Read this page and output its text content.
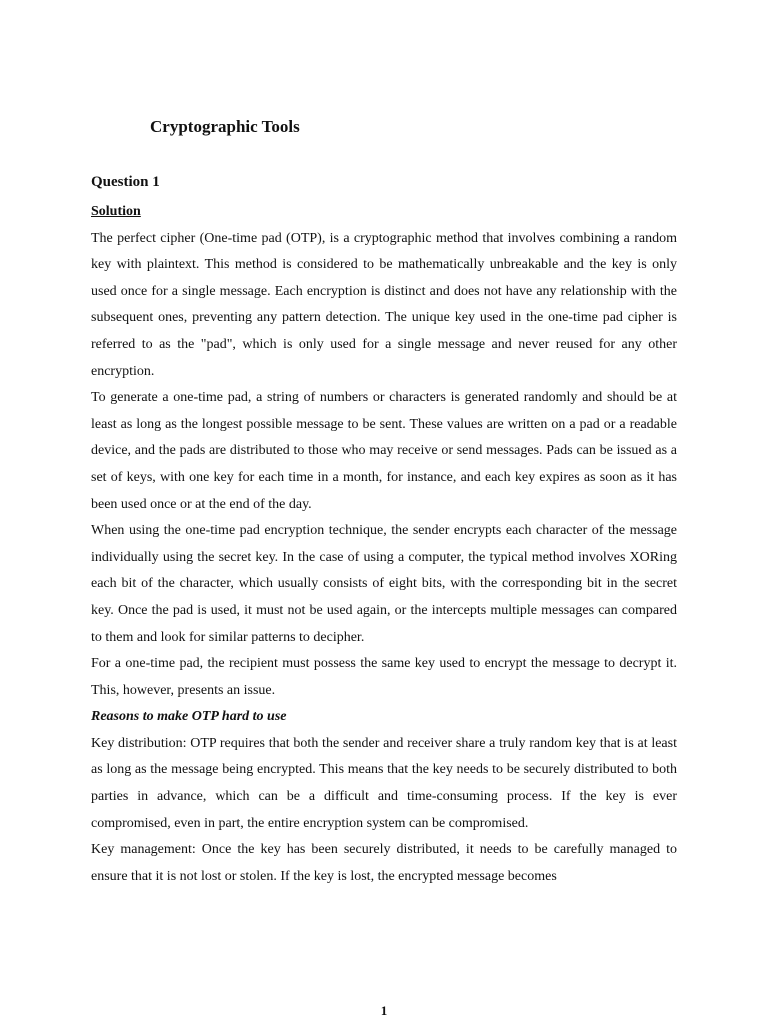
Cryptographic Tools
Question 1

Solution

The perfect cipher (One-time pad (OTP), is a cryptographic method that involves combining a random key with plaintext. This method is considered to be mathematically unbreakable and the key is only used once for a single message. Each encryption is distinct and does not have any relationship with the subsequent ones, preventing any pattern detection. The unique key used in the one-time pad cipher is referred to as the "pad", which is only used for a single message and never reused for any other encryption.

To generate a one-time pad, a string of numbers or characters is generated randomly and should be at least as long as the longest possible message to be sent. These values are written on a pad or a readable device, and the pads are distributed to those who may receive or send messages. Pads can be issued as a set of keys, with one key for each time in a month, for instance, and each key expires as soon as it has been used once or at the end of the day.

When using the one-time pad encryption technique, the sender encrypts each character of the message individually using the secret key. In the case of using a computer, the typical method involves XORing each bit of the character, which usually consists of eight bits, with the corresponding bit in the secret key. Once the pad is used, it must not be used again, or the intercepts multiple messages can compared to them and look for similar patterns to decipher.

For a one-time pad, the recipient must possess the same key used to encrypt the message to decrypt it. This, however, presents an issue.

Reasons to make OTP hard to use

Key distribution: OTP requires that both the sender and receiver share a truly random key that is at least as long as the message being encrypted. This means that the key needs to be securely distributed to both parties in advance, which can be a difficult and time-consuming process. If the key is ever compromised, even in part, the entire encryption system can be compromised.

Key management: Once the key has been securely distributed, it needs to be carefully managed to ensure that it is not lost or stolen. If the key is lost, the encrypted message becomes

1
